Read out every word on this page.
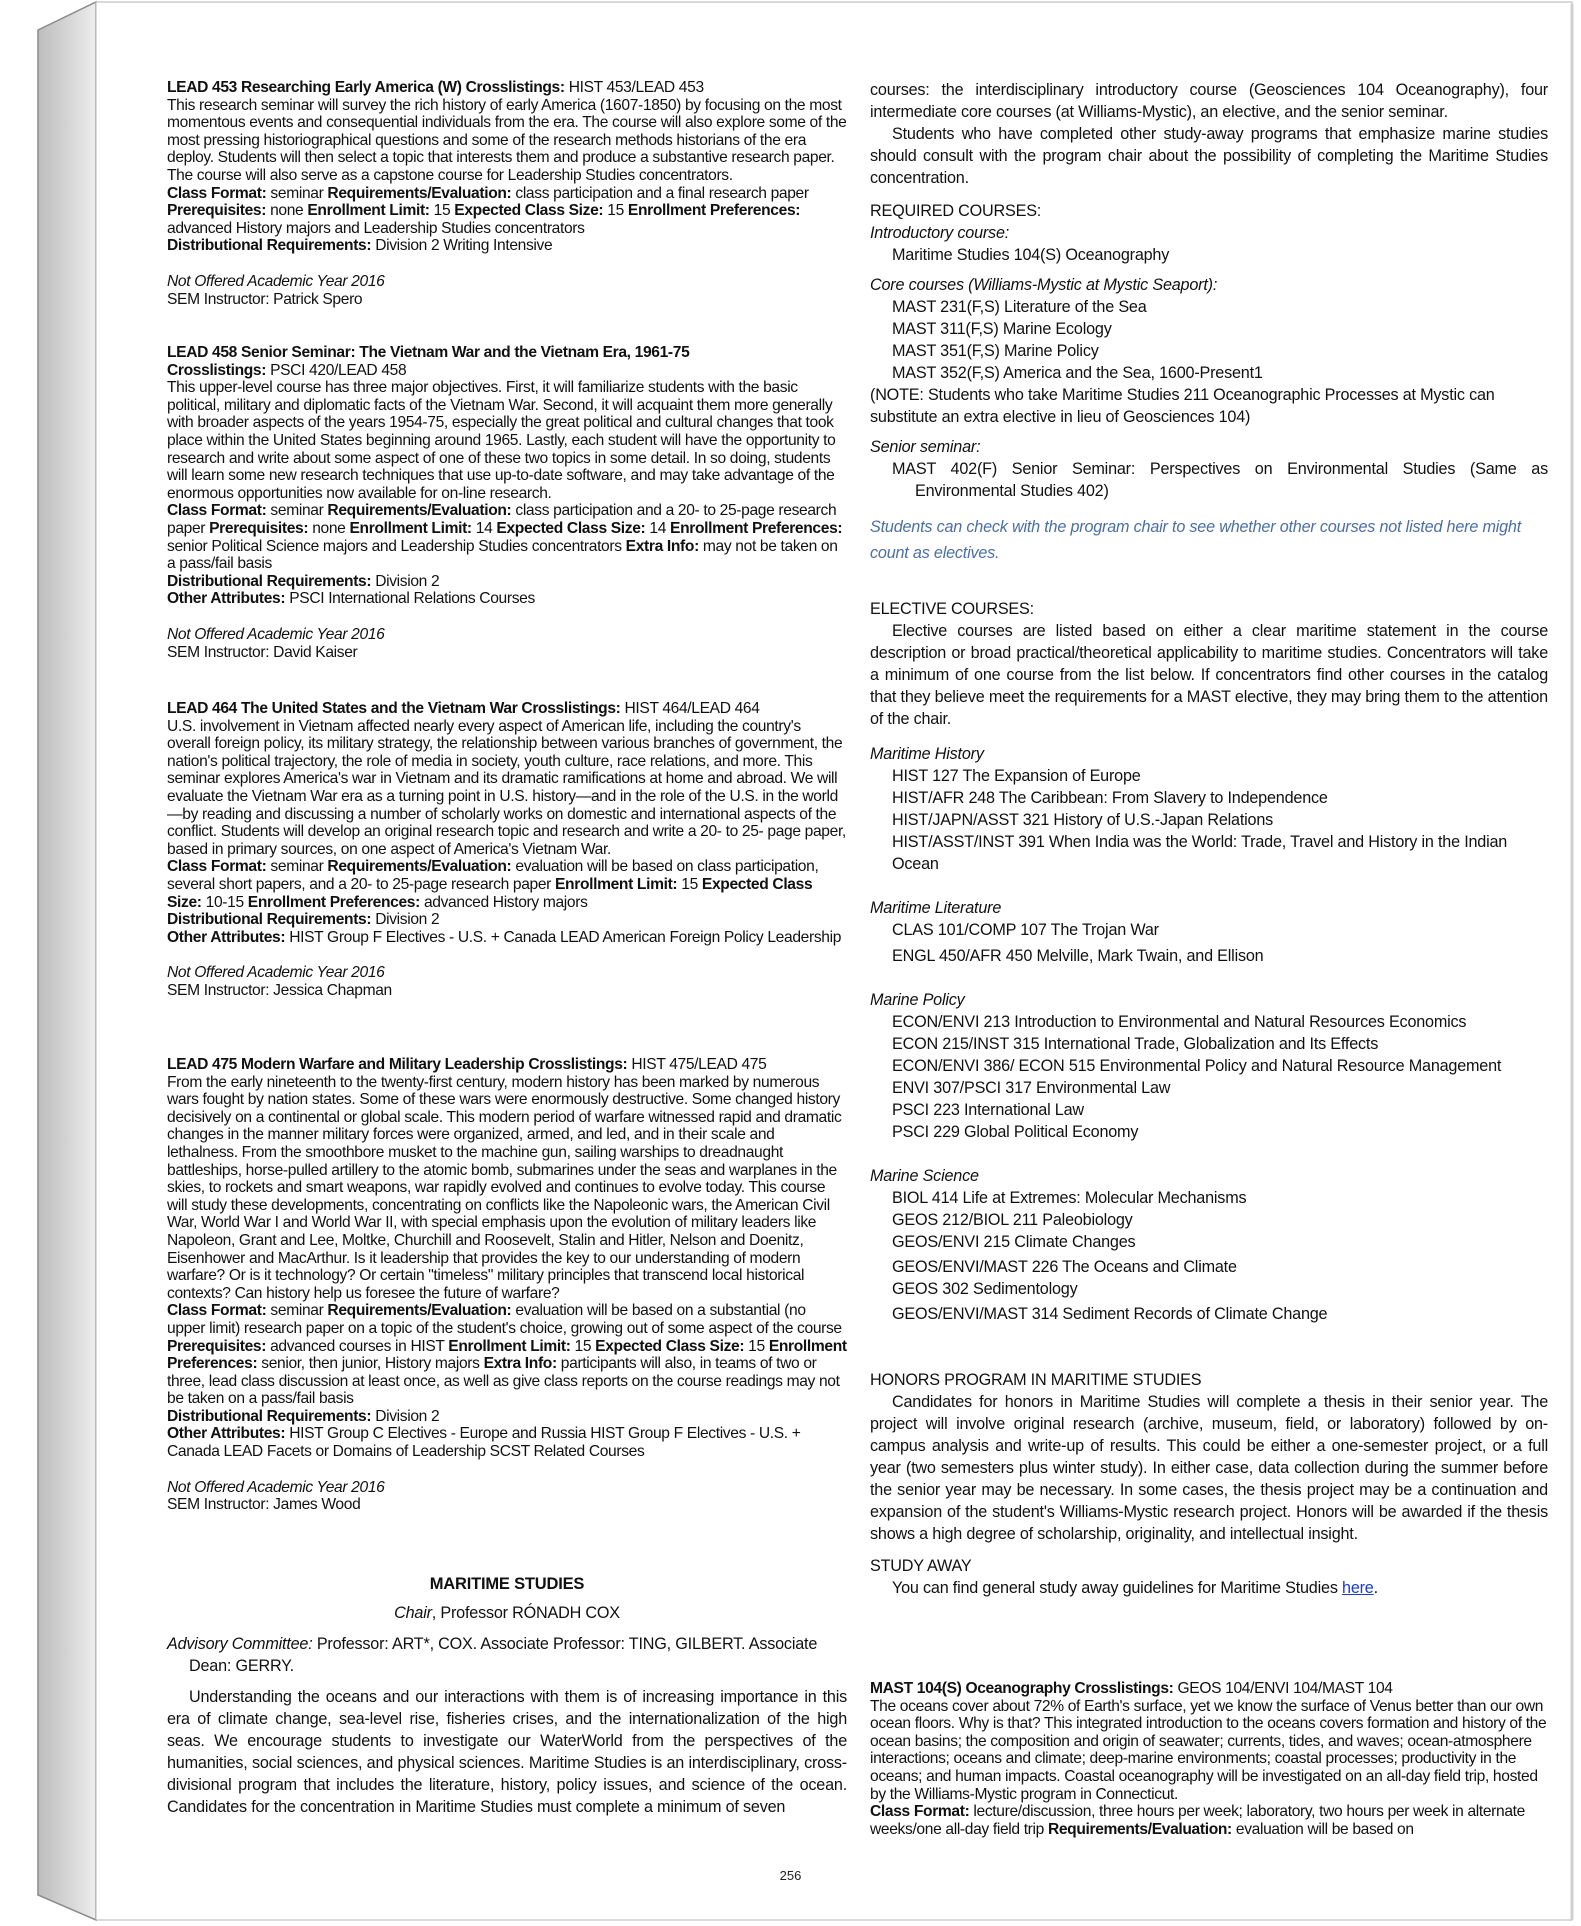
LEAD 453 Researching Early America (W) Crosslistings: HIST 453/LEAD 453
This research seminar will survey the rich history of early America (1607-1850) by focusing on the most momentous events and consequential individuals from the era. The course will also explore some of the most pressing historiographical questions and some of the research methods historians of the era deploy. Students will then select a topic that interests them and produce a substantive research paper. The course will also serve as a capstone course for Leadership Studies concentrators.
Class Format: seminar Requirements/Evaluation: class participation and a final research paper Prerequisites: none Enrollment Limit: 15 Expected Class Size: 15 Enrollment Preferences: advanced History majors and Leadership Studies concentrators
Distributional Requirements: Division 2 Writing Intensive
Not Offered Academic Year 2016
SEM Instructor: Patrick Spero
LEAD 458 Senior Seminar: The Vietnam War and the Vietnam Era, 1961-75
Crosslistings: PSCI 420/LEAD 458
This upper-level course has three major objectives. First, it will familiarize students with the basic political, military and diplomatic facts of the Vietnam War. Second, it will acquaint them more generally with broader aspects of the years 1954-75, especially the great political and cultural changes that took place within the United States beginning around 1965. Lastly, each student will have the opportunity to research and write about some aspect of one of these two topics in some detail. In so doing, students will learn some new research techniques that use up-to-date software, and may take advantage of the enormous opportunities now available for on-line research.
Class Format: seminar Requirements/Evaluation: class participation and a 20- to 25-page research paper Prerequisites: none Enrollment Limit: 14 Expected Class Size: 14 Enrollment Preferences: senior Political Science majors and Leadership Studies concentrators Extra Info: may not be taken on a pass/fail basis
Distributional Requirements: Division 2
Other Attributes: PSCI International Relations Courses
Not Offered Academic Year 2016
SEM Instructor: David Kaiser
LEAD 464 The United States and the Vietnam War Crosslistings: HIST 464/LEAD 464
U.S. involvement in Vietnam affected nearly every aspect of American life, including the country's overall foreign policy, its military strategy, the relationship between various branches of government, the nation's political trajectory, the role of media in society, youth culture, race relations, and more. This seminar explores America's war in Vietnam and its dramatic ramifications at home and abroad. We will evaluate the Vietnam War era as a turning point in U.S. history—and in the role of the U.S. in the world—by reading and discussing a number of scholarly works on domestic and international aspects of the conflict. Students will develop an original research topic and research and write a 20- to 25- page paper, based in primary sources, on one aspect of America's Vietnam War.
Class Format: seminar Requirements/Evaluation: evaluation will be based on class participation, several short papers, and a 20- to 25-page research paper Enrollment Limit: 15 Expected Class Size: 10-15 Enrollment Preferences: advanced History majors
Distributional Requirements: Division 2
Other Attributes: HIST Group F Electives - U.S. + Canada LEAD American Foreign Policy Leadership
Not Offered Academic Year 2016
SEM Instructor: Jessica Chapman
LEAD 475 Modern Warfare and Military Leadership Crosslistings: HIST 475/LEAD 475
From the early nineteenth to the twenty-first century, modern history has been marked by numerous wars fought by nation states. Some of these wars were enormously destructive. Some changed history decisively on a continental or global scale. This modern period of warfare witnessed rapid and dramatic changes in the manner military forces were organized, armed, and led, and in their scale and lethalness. From the smoothbore musket to the machine gun, sailing warships to dreadnaught battleships, horse-pulled artillery to the atomic bomb, submarines under the seas and warplanes in the skies, to rockets and smart weapons, war rapidly evolved and continues to evolve today. This course will study these developments, concentrating on conflicts like the Napoleonic wars, the American Civil War, World War I and World War II, with special emphasis upon the evolution of military leaders like Napoleon, Grant and Lee, Moltke, Churchill and Roosevelt, Stalin and Hitler, Nelson and Doenitz, Eisenhower and MacArthur. Is it leadership that provides the key to our understanding of modern warfare? Or is it technology? Or certain "timeless" military principles that transcend local historical contexts? Can history help us foresee the future of warfare?
Class Format: seminar Requirements/Evaluation: evaluation will be based on a substantial (no upper limit) research paper on a topic of the student's choice, growing out of some aspect of the course Prerequisites: advanced courses in HIST Enrollment Limit: 15 Expected Class Size: 15 Enrollment Preferences: senior, then junior, History majors Extra Info: participants will also, in teams of two or three, lead class discussion at least once, as well as give class reports on the course readings may not be taken on a pass/fail basis
Distributional Requirements: Division 2
Other Attributes: HIST Group C Electives - Europe and Russia HIST Group F Electives - U.S. + Canada LEAD Facets or Domains of Leadership SCST Related Courses
Not Offered Academic Year 2016
SEM Instructor: James Wood
MARITIME STUDIES
Chair, Professor RÓNADH COX
Advisory Committee: Professor: ART*, COX. Associate Professor: TING, GILBERT. Associate Dean: GERRY.
Understanding the oceans and our interactions with them is of increasing importance in this era of climate change, sea-level rise, fisheries crises, and the internationalization of the high seas. We encourage students to investigate our WaterWorld from the perspectives of the humanities, social sciences, and physical sciences. Maritime Studies is an interdisciplinary, cross-divisional program that includes the literature, history, policy issues, and science of the ocean. Candidates for the concentration in Maritime Studies must complete a minimum of seven
courses: the interdisciplinary introductory course (Geosciences 104 Oceanography), four intermediate core courses (at Williams-Mystic), an elective, and the senior seminar.
Students who have completed other study-away programs that emphasize marine studies should consult with the program chair about the possibility of completing the Maritime Studies concentration.
REQUIRED COURSES:
Introductory course:
Maritime Studies 104(S) Oceanography
Core courses (Williams-Mystic at Mystic Seaport):
MAST 231(F,S) Literature of the Sea
MAST 311(F,S) Marine Ecology
MAST 351(F,S) Marine Policy
MAST 352(F,S) America and the Sea, 1600-Present1
(NOTE: Students who take Maritime Studies 211 Oceanographic Processes at Mystic can substitute an extra elective in lieu of Geosciences 104)
Senior seminar:
MAST 402(F) Senior Seminar: Perspectives on Environmental Studies (Same as Environmental Studies 402)
Students can check with the program chair to see whether other courses not listed here might count as electives.
ELECTIVE COURSES:
Elective courses are listed based on either a clear maritime statement in the course description or broad practical/theoretical applicability to maritime studies. Concentrators will take a minimum of one course from the list below. If concentrators find other courses in the catalog that they believe meet the requirements for a MAST elective, they may bring them to the attention of the chair.
Maritime History
HIST 127 The Expansion of Europe
HIST/AFR 248 The Caribbean: From Slavery to Independence
HIST/JAPN/ASST 321 History of U.S.-Japan Relations
HIST/ASST/INST 391 When India was the World: Trade, Travel and History in the Indian Ocean
Maritime Literature
CLAS 101/COMP 107 The Trojan War
ENGL 450/AFR 450 Melville, Mark Twain, and Ellison
Marine Policy
ECON/ENVI 213 Introduction to Environmental and Natural Resources Economics
ECON 215/INST 315 International Trade, Globalization and Its Effects
ECON/ENVI 386/ ECON 515 Environmental Policy and Natural Resource Management
ENVI 307/PSCI 317 Environmental Law
PSCI 223 International Law
PSCI 229 Global Political Economy
Marine Science
BIOL 414 Life at Extremes: Molecular Mechanisms
GEOS 212/BIOL 211 Paleobiology
GEOS/ENVI 215 Climate Changes
GEOS/ENVI/MAST 226 The Oceans and Climate
GEOS 302 Sedimentology
GEOS/ENVI/MAST 314 Sediment Records of Climate Change
HONORS PROGRAM IN MARITIME STUDIES
Candidates for honors in Maritime Studies will complete a thesis in their senior year. The project will involve original research (archive, museum, field, or laboratory) followed by on-campus analysis and write-up of results. This could be either a one-semester project, or a full year (two semesters plus winter study). In either case, data collection during the summer before the senior year may be necessary. In some cases, the thesis project may be a continuation and expansion of the student's Williams-Mystic research project. Honors will be awarded if the thesis shows a high degree of scholarship, originality, and intellectual insight.
STUDY AWAY
You can find general study away guidelines for Maritime Studies here.
MAST 104(S) Oceanography Crosslistings: GEOS 104/ENVI 104/MAST 104
The oceans cover about 72% of Earth's surface, yet we know the surface of Venus better than our own ocean floors. Why is that? This integrated introduction to the oceans covers formation and history of the ocean basins; the composition and origin of seawater; currents, tides, and waves; ocean-atmosphere interactions; oceans and climate; deep-marine environments; coastal processes; productivity in the oceans; and human impacts. Coastal oceanography will be investigated on an all-day field trip, hosted by the Williams-Mystic program in Connecticut.
Class Format: lecture/discussion, three hours per week; laboratory, two hours per week in alternate weeks/one all-day field trip Requirements/Evaluation: evaluation will be based on
256
